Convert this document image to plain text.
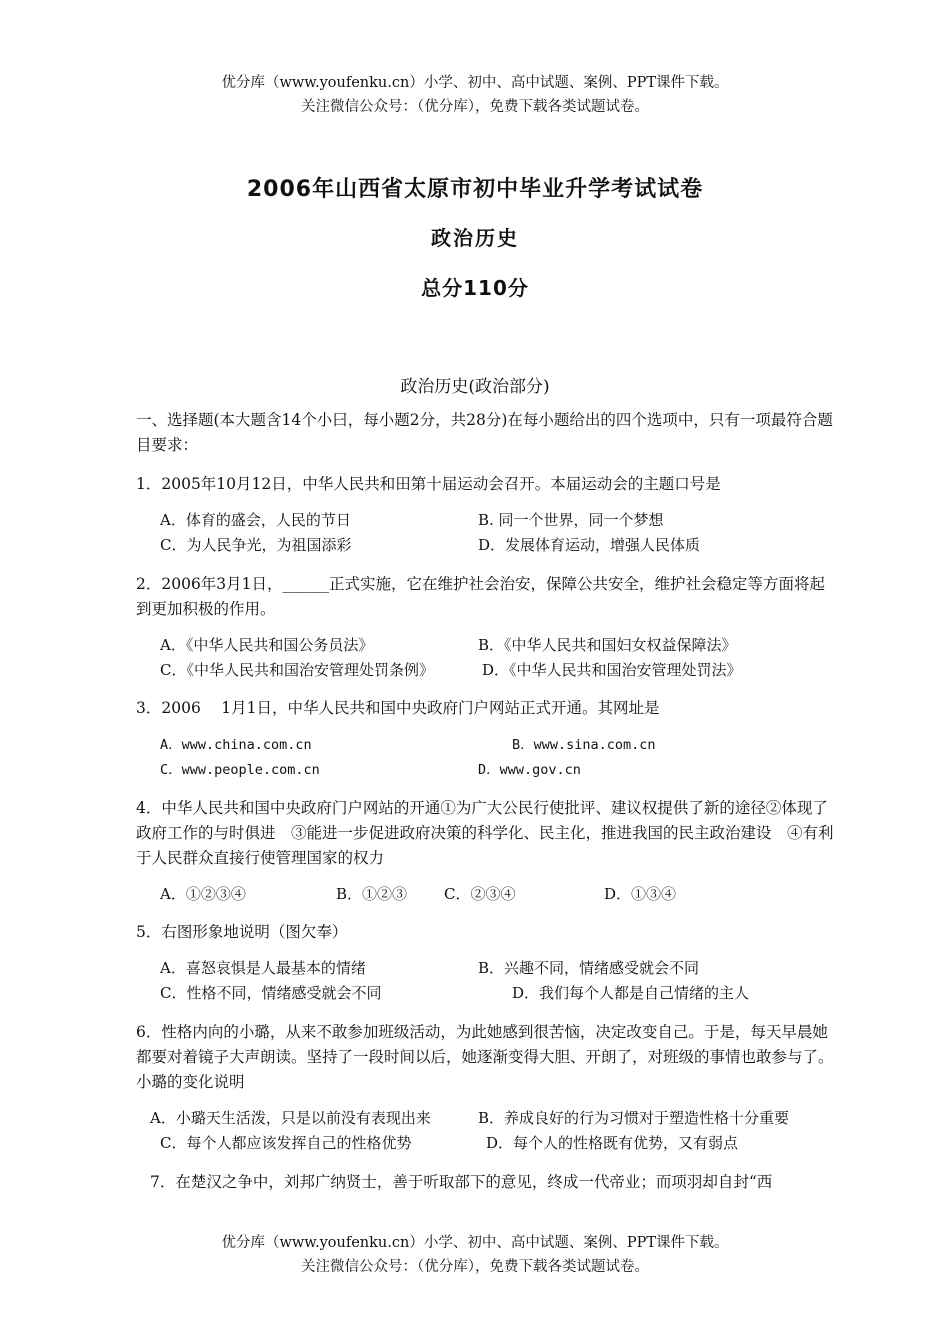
优分库（www.youfenku.cn）小学、初中、高中试题、案例、PPT课件下载。
关注微信公众号：（优分库），免费下载各类试题试卷。
2006年山西省太原市初中毕业升学考试试卷
政治历史
总分110分
政治历史(政治部分)
一、选择题(本大题含14个小曰，每小题2分，共28分)在每小题给出的四个选项中，只有一项最符合题目要求：
1．2005年10月12日，中华人民共和田第十届运动会召开。本届运动会的主题口号是
A．体育的盛会，人民的节日	B. 同一个世界，同一个梦想
C．为人民争光，为祖国添彩	D．发展体育运动，增强人民体质
2．2006年3月1日，______正式实施，它在维护社会治安，保障公共安全，维护社会稳定等方面将起到更加积极的作用。
A．《中华人民共和国公务员法》	B．《中华人民共和国妇女权益保障法》
C．《中华人民共和国治安管理处罚条例》	D．《中华人民共和国治安管理处罚法》
3．2006　 1月1日，中华人民共和国中央政府门户网站正式开通。其网址是
A．www.china.com.cn	B．www.sina.com.cn
C．www.people.com.cn	D．www.gov.cn
4．中华人民共和国中央政府门户网站的开通①为广大公民行使批评、建议权提供了新的途径②体现了政府工作的与时俱进　③能进一步促进政府决策的科学化、民主化，推进我国的民主政治建设　④有利于人民群众直接行使管理国家的权力
A．①②③④	B．①②③ C．②③④	D．①③④
5．右图形象地说明（图欠奉）
A．喜怒哀惧是人最基本的情绪	B．兴趣不同，情绪感受就会不同
C．性格不同，情绪感受就会不同	D．我们每个人都是自己情绪的主人
6．性格内向的小璐，从来不敢参加班级活动，为此她感到很苦恼，决定改变自己。于是，每天早晨她都要对着镜子大声朗读。坚持了一段时间以后，她逐渐变得大胆、开朗了，对班级的事情也敢参与了。小璐的变化说明
A．小璐天生活泼，只是以前没有表现出来	B．养成良好的行为习惯对于塑造性格十分重要
C．每个人都应该发挥自己的性格优势	D．每个人的性格既有优势，又有弱点
7．在楚汉之争中，刘邦广纳贤士，善于听取部下的意见，终成一代帝业；而项羽却自封“西
优分库（www.youfenku.cn）小学、初中、高中试题、案例、PPT课件下载。
关注微信公众号：（优分库），免费下载各类试题试卷。
